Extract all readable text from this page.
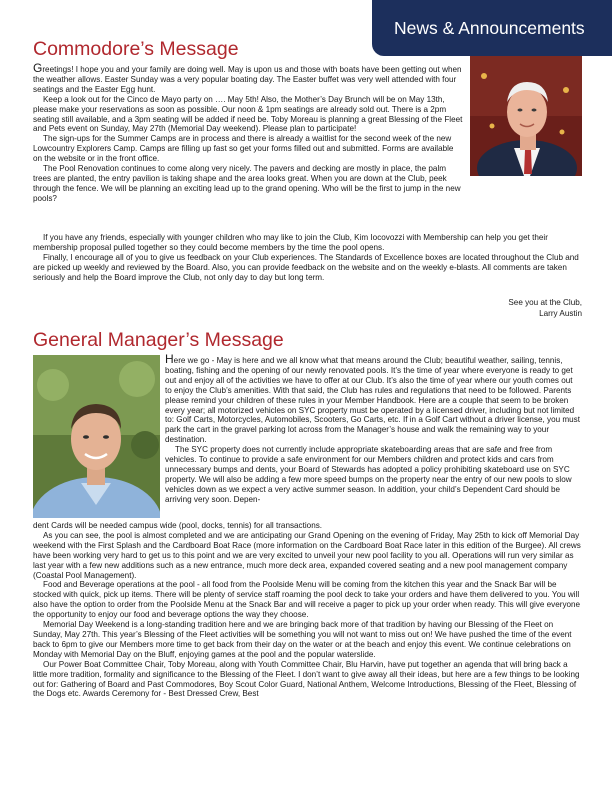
News & Announcements
Commodore’s Message

Greetings! I hope you and your family are doing well. May is upon us and those with boats have been getting out when the weather allows. Easter Sunday was a very popular boating day. The Easter buffet was very well attended with four seatings and the Easter Egg hunt.

Keep a look out for the Cinco de Mayo party on …. May 5th! Also, the Mother’s Day Brunch will be on May 13th, please make your reservations as soon as possible. Our noon & 1pm seatings are already sold out. There is a 2pm seating still available, and a 3pm seating will be added if need be. Toby Moreau is planning a great Blessing of the Fleet and Pets event on Sunday, May 27th (Memorial Day weekend). Please plan to participate!

The sign-ups for the Summer Camps are in process and there is already a waitlist for the second week of the new Lowcountry Explorers Camp. Camps are filling up fast so get your forms filled out and submitted. Forms are available on the website or in the front office.

The Pool Renovation continues to come along very nicely. The pavers and decking are mostly in place, the palm trees are planted, the entry pavilion is taking shape and the area looks great. When you are down at the Club, peek through the fence. We will be planning an exciting lead up to the grand opening. Who will be the first to jump in the new pools?

If you have any friends, especially with younger children who may like to join the Club, Kim Iocovozzi with Membership can help you get their membership proposal pulled together so they could become members by the time the pool opens.

Finally, I encourage all of you to give us feedback on your Club experiences. The Standards of Excellence boxes are located throughout the Club and are picked up weekly and reviewed by the Board. Also, you can provide feedback on the website and on the weekly e-blasts. All comments are taken seriously and help the Board improve the Club, not only day to day but long term.

See you at the Club,
Larry Austin
General Manager’s Message

Here we go - May is here and we all know what that means around the Club; beautiful weather, sailing, tennis, boating, fishing and the opening of our newly renovated pools. It’s the time of year where everyone is ready to get out and enjoy all of the activities we have to offer at our Club. It’s also the time of year where our youth comes out to enjoy the Club’s amenities. With that said, the Club has rules and regulations that need to be followed. Parents please remind your children of these rules in your Member Handbook. Here are a couple that seem to be broken every year; all motorized vehicles on SYC property must be operated by a licensed driver, including but not limited to: Golf Carts, Motorcycles, Automobiles, Scooters, Go Carts, etc. If in a Golf Cart without a driver license, you must park the cart in the gravel parking lot across from the Manager’s house and walk the remaining way to your destination.

The SYC property does not currently include appropriate skateboarding areas that are safe and free from vehicles. To continue to provide a safe environment for our Members children and protect kids and cars from unnecessary bumps and dents, your Board of Stewards has adopted a policy prohibiting skateboard use on SYC property. We will also be adding a few more speed bumps on the property near the entry of our new pools to slow vehicles down as we expect a very active summer season. In addition, your child’s Dependent Card should be arriving very soon. Depen-

dent Cards will be needed campus wide (pool, docks, tennis) for all transactions.

As you can see, the pool is almost completed and we are anticipating our Grand Opening on the evening of Friday, May 25th to kick off Memorial Day weekend with the First Splash and the Cardboard Boat Race (more information on the Cardboard Boat Race later in this edition of the Burgee). All crews have been working very hard to get us to this point and we are very excited to unveil your new pool facility to you all. Operations will run very similar as last year with a few new additions such as a new entrance, much more deck area, expanded covered seating and a new pool management company (Coastal Pool Management).

Food and Beverage operations at the pool - all food from the Poolside Menu will be coming from the kitchen this year and the Snack Bar will be stocked with quick, pick up items. There will be plenty of service staff roaming the pool deck to take your orders and have them delivered to you. You will also have the option to order from the Poolside Menu at the Snack Bar and will receive a pager to pick up your order when ready. This will give everyone the opportunity to enjoy our food and beverage options the way they choose.

Memorial Day Weekend is a long-standing tradition here and we are bringing back more of that tradition by having our Blessing of the Fleet on Sunday, May 27th. This year’s Blessing of the Fleet activities will be something you will not want to miss out on! We have pushed the time of the event back to 6pm to give our Members more time to get back from their day on the water or at the beach and enjoy this event. We continue celebrations on Monday with Memorial Day on the Bluff, enjoying games at the pool and the popular waterslide.

Our Power Boat Committee Chair, Toby Moreau, along with Youth Committee Chair, Blu Harvin, have put together an agenda that will bring back a little more tradition, formality and significance to the Blessing of the Fleet. I don’t want to give away all their ideas, but here are a few things to be looking out for: Gathering of Board and Past Commodores, Boy Scout Color Guard, National Anthem, Welcome Introductions, Blessing of the Fleet, Blessing of the Dogs etc. Awards Ceremony for - Best Dressed Crew, Best
